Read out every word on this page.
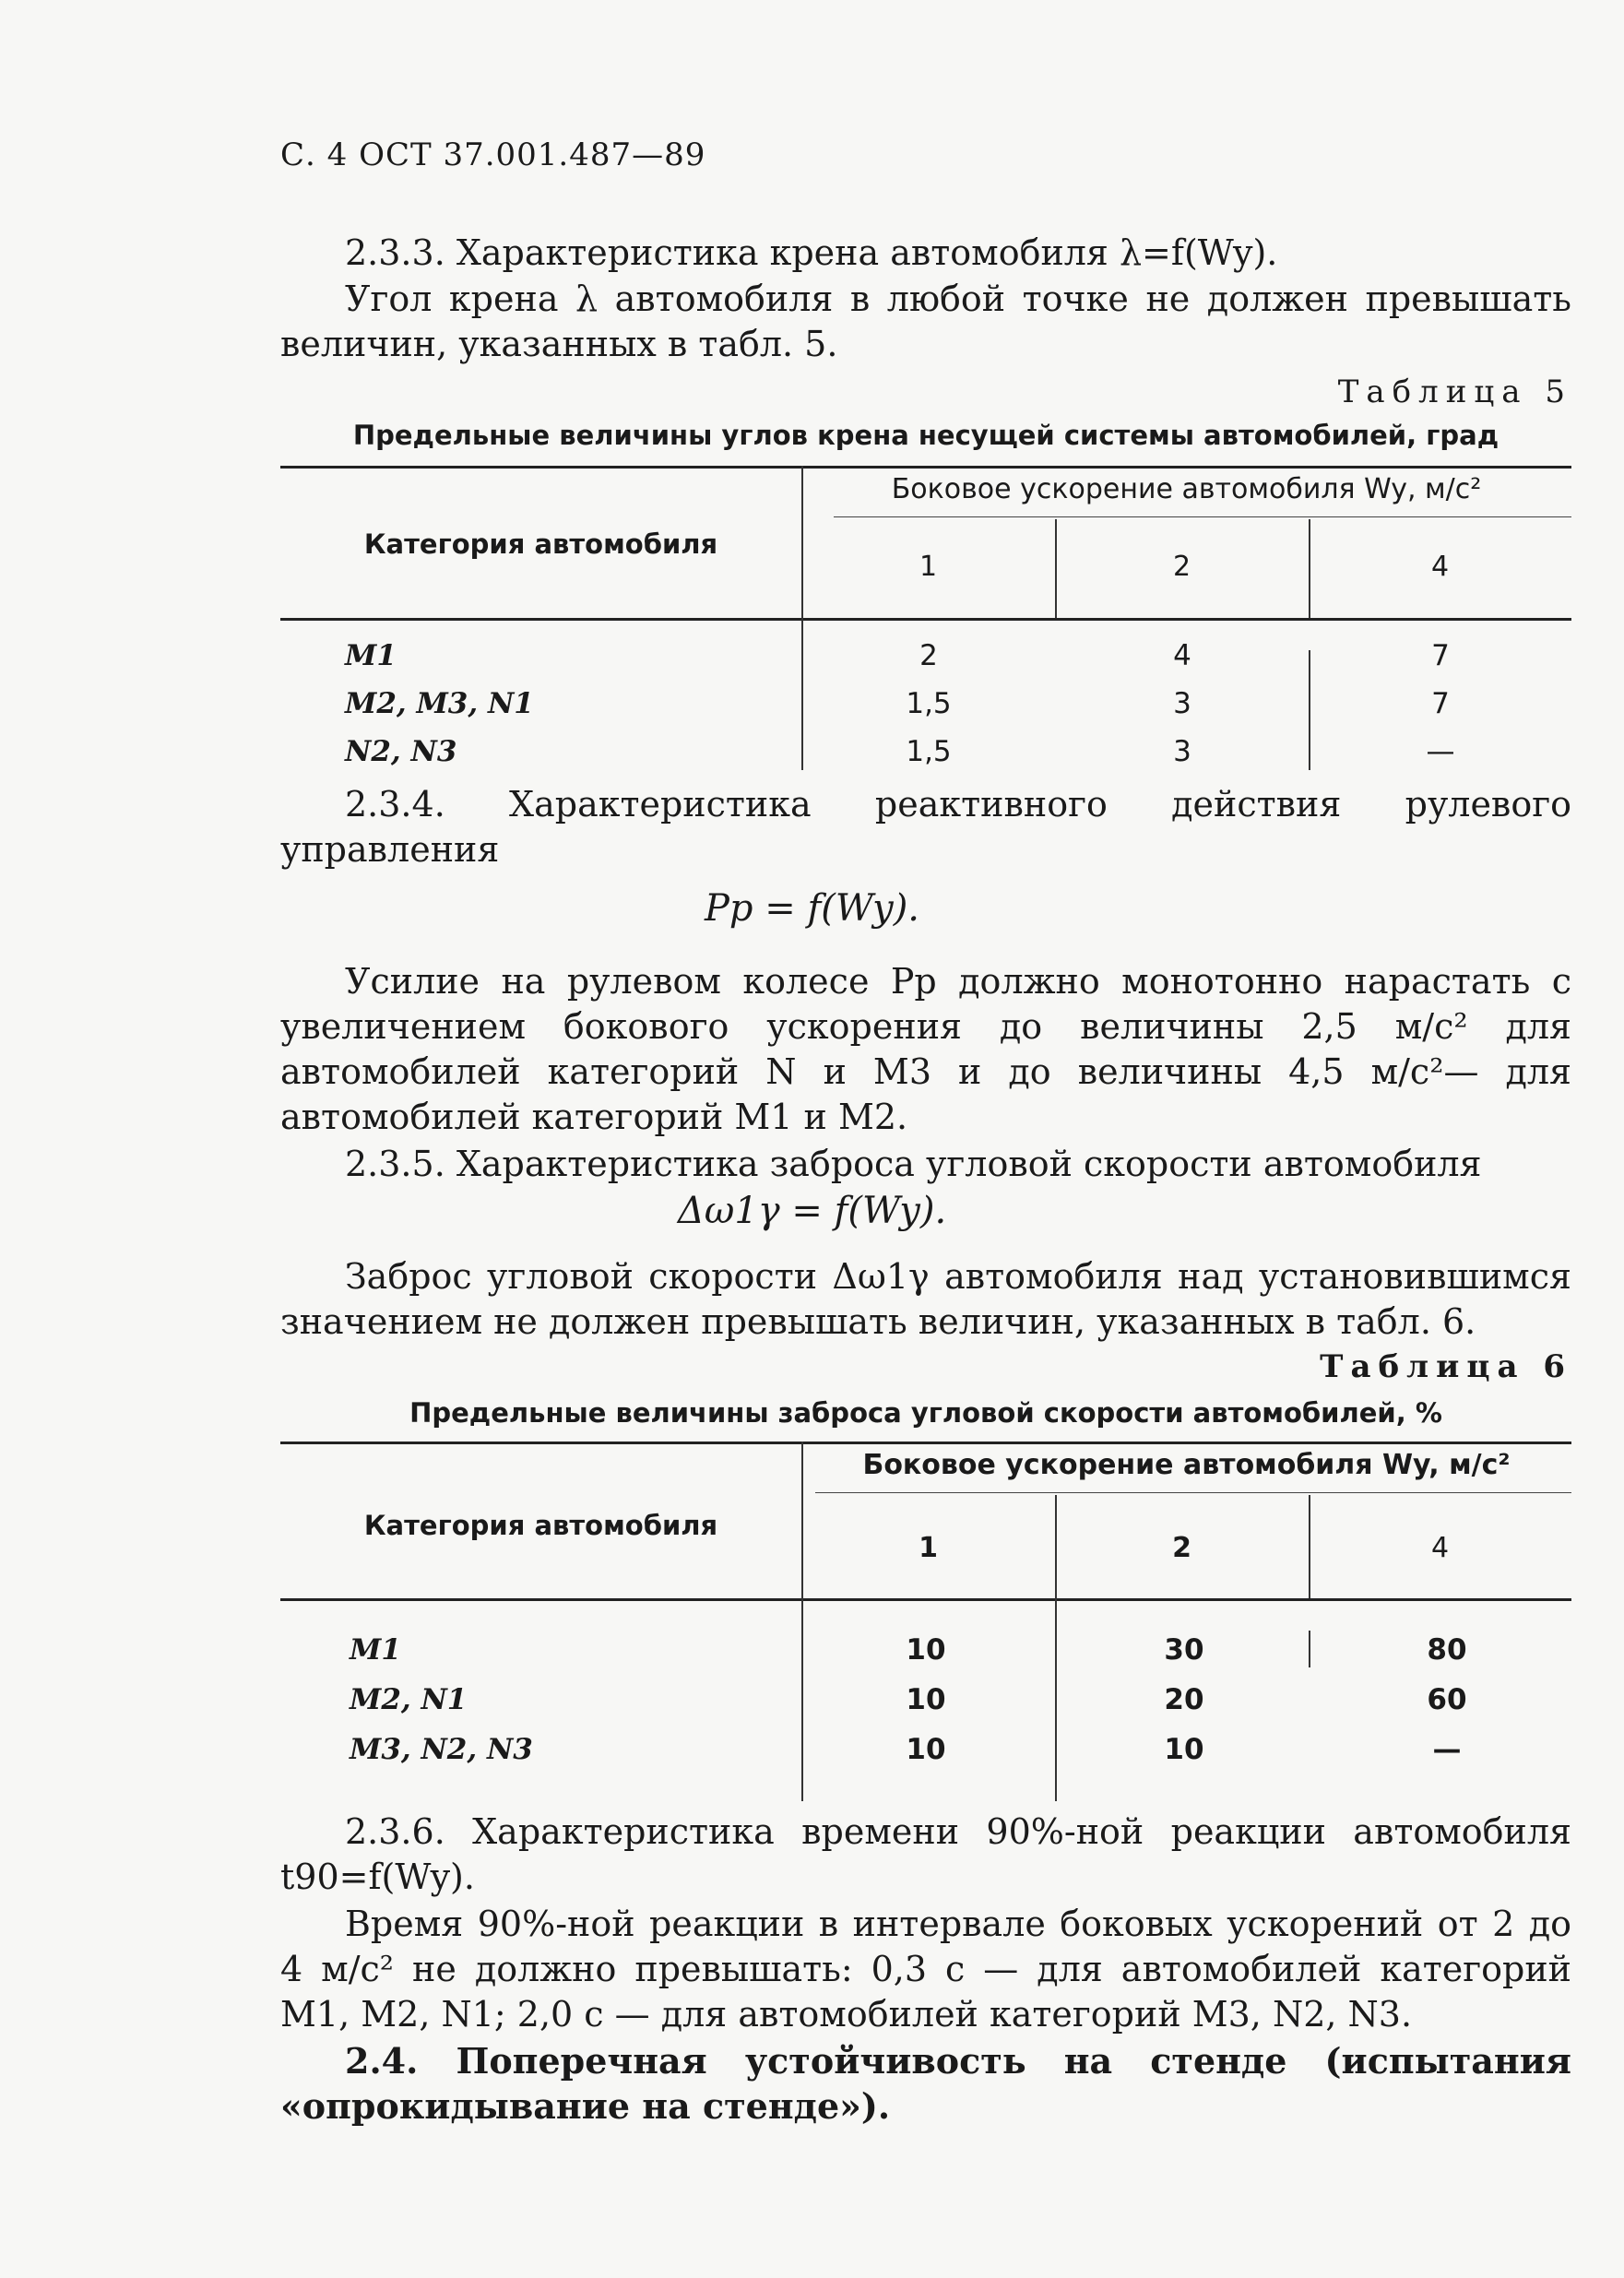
С. 4 ОСТ 37.001.487—89
2.3.3. Характеристика крена автомобиля λ=f(Wy).
Угол крена λ автомобиля в любой точке не должен превышать величин, указанных в табл. 5.
Таблица 5
Предельные величины углов крена несущей системы автомобилей, град
Категория автомобиля
Боковое ускорение автомобиля Wy, м/с²
1	2	4
M1	2	4	7
M2, M3, N1	1,5	3	7
N2, N3	1,5	3	—
2.3.4. Характеристика реактивного действия рулевого управления
Pp = f(Wy).
Усилие на рулевом колесе Pp должно монотонно нарастать с увеличением бокового ускорения до величины 2,5 м/с² для автомобилей категорий N и M3 и до величины 4,5 м/с²— для автомобилей категорий M1 и M2.
2.3.5. Характеристика заброса угловой скорости автомобиля
Δω1γ = f(Wy).
Заброс угловой скорости Δω1γ автомобиля над установившимся значением не должен превышать величин, указанных в табл. 6.
Таблица 6
Предельные величины заброса угловой скорости автомобилей, %
Категория автомобиля
Боковое ускорение автомобиля Wy, м/с²
1	2	4
M1	10	30	80
M2, N1	10	20	60
M3, N2, N3	10	10	—
2.3.6. Характеристика времени 90%-ной реакции автомобиля t90=f(Wy).
Время 90%-ной реакции в интервале боковых ускорений от 2 до 4 м/с² не должно превышать: 0,3 с — для автомобилей категорий M1, M2, N1; 2,0 с — для автомобилей категорий M3, N2, N3.
2.4. Поперечная устойчивость на стенде (испытания «опрокидывание на стенде»).
